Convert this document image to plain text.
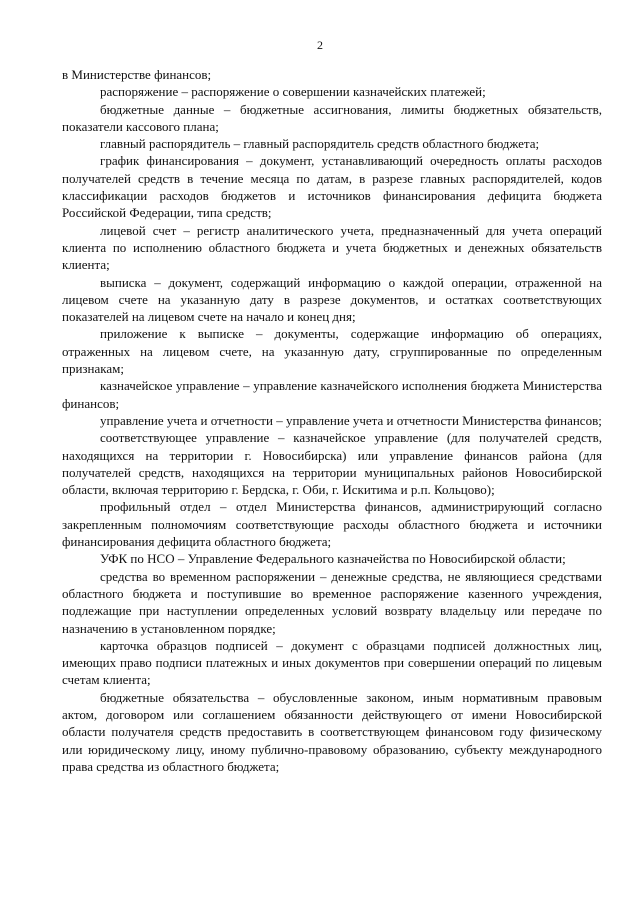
2

в Министерстве финансов;

распоряжение – распоряжение о совершении казначейских платежей;

бюджетные данные – бюджетные ассигнования, лимиты бюджетных обязательств, показатели кассового плана;

главный распорядитель – главный распорядитель средств областного бюджета;

график финансирования – документ, устанавливающий очередность оплаты расходов получателей средств в течение месяца по датам, в разрезе главных распорядителей, кодов классификации расходов бюджетов и источников финансирования дефицита бюджета Российской Федерации, типа средств;

лицевой счет – регистр аналитического учета, предназначенный для учета операций клиента по исполнению областного бюджета и учета бюджетных и денежных обязательств клиента;

выписка – документ, содержащий информацию о каждой операции, отраженной на лицевом счете на указанную дату в разрезе документов, и остатках соответствующих показателей на лицевом счете на начало и конец дня;

приложение к выписке – документы, содержащие информацию об операциях, отраженных на лицевом счете, на указанную дату, сгруппированные по определенным признакам;

казначейское управление – управление казначейского исполнения бюджета Министерства финансов;

управление учета и отчетности – управление учета и отчетности Министерства финансов;

соответствующее управление – казначейское управление (для получателей средств, находящихся на территории г. Новосибирска) или управление финансов района (для получателей средств, находящихся на территории муниципальных районов Новосибирской области, включая территорию г. Бердска, г. Оби, г. Искитима и р.п. Кольцово);

профильный отдел – отдел Министерства финансов, администрирующий согласно закрепленным полномочиям соответствующие расходы областного бюджета и источники финансирования дефицита областного бюджета;

УФК по НСО – Управление Федерального казначейства по Новосибирской области;

средства во временном распоряжении – денежные средства, не являющиеся средствами областного бюджета и поступившие во временное распоряжение казенного учреждения, подлежащие при наступлении определенных условий возврату владельцу или передаче по назначению в установленном порядке;

карточка образцов подписей – документ с образцами подписей должностных лиц, имеющих право подписи платежных и иных документов при совершении операций по лицевым счетам клиента;

бюджетные обязательства – обусловленные законом, иным нормативным правовым актом, договором или соглашением обязанности действующего от имени Новосибирской области получателя средств предоставить в соответствующем финансовом году физическому или юридическому лицу, иному публично-правовому образованию, субъекту международного права средства из областного бюджета;
